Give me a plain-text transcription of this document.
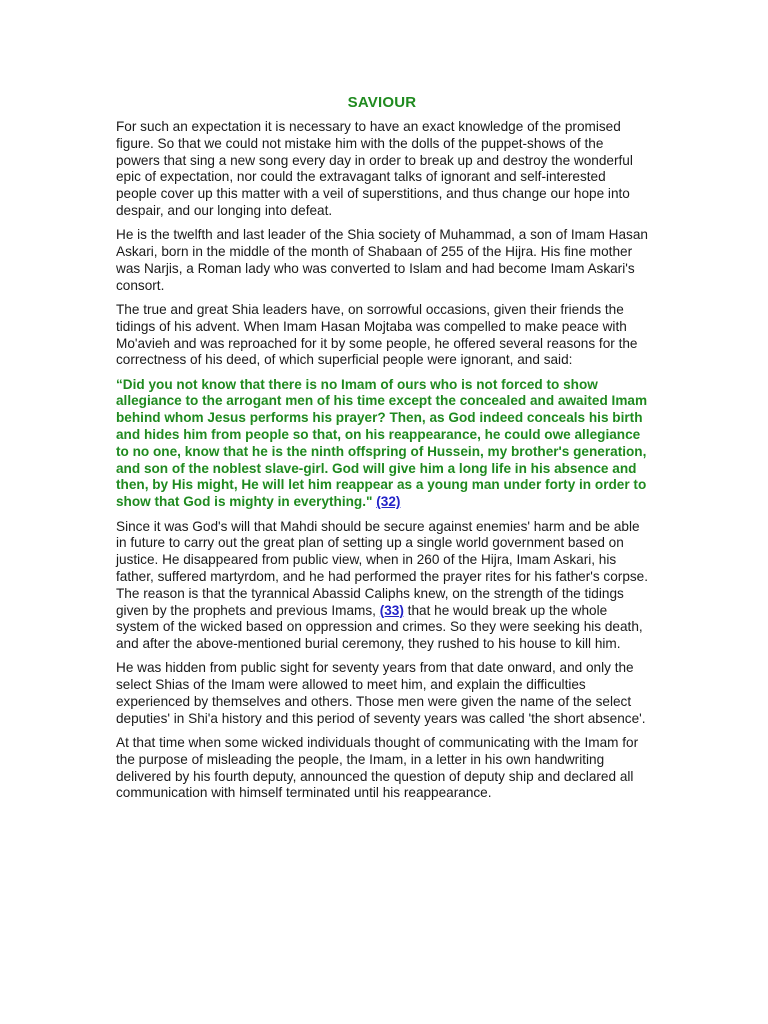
SAVIOUR

For such an expectation it is necessary to have an exact knowledge of the promised figure. So that we could not mistake him with the dolls of the puppet-shows of the powers that sing a new song every day in order to break up and destroy the wonderful epic of expectation, nor could the extravagant talks of ignorant and self-interested people cover up this matter with a veil of superstitions, and thus change our hope into despair, and our longing into defeat.

He is the twelfth and last leader of the Shia society of Muhammad, a son of Imam Hasan Askari, born in the middle of the month of Shabaan of 255 of the Hijra. His fine mother was Narjis, a Roman lady who was converted to Islam and had become Imam Askari's consort.

The true and great Shia leaders have, on sorrowful occasions, given their friends the tidings of his advent. When Imam Hasan Mojtaba was compelled to make peace with Mo'avieh and was reproached for it by some people, he offered several reasons for the correctness of his deed, of which superficial people were ignorant, and said:

“Did you not know that there is no Imam of ours who is not forced to show allegiance to the arrogant men of his time except the concealed and awaited Imam behind whom Jesus performs his prayer? Then, as God indeed conceals his birth and hides him from people so that, on his reappearance, he could owe allegiance to no one, know that he is the ninth offspring of Hussein, my brother's generation, and son of the noblest slave-girl. God will give him a long life in his absence and then, by His might, He will let him reappear as a young man under forty in order to show that God is mighty in everything." (32)

Since it was God's will that Mahdi should be secure against enemies' harm and be able in future to carry out the great plan of setting up a single world government based on justice. He disappeared from public view, when in 260 of the Hijra, Imam Askari, his father, suffered martyrdom, and he had performed the prayer rites for his father's corpse. The reason is that the tyrannical Abassid Caliphs knew, on the strength of the tidings given by the prophets and previous Imams, (33) that he would break up the whole system of the wicked based on oppression and crimes. So they were seeking his death, and after the above-mentioned burial ceremony, they rushed to his house to kill him.

He was hidden from public sight for seventy years from that date onward, and only the select Shias of the Imam were allowed to meet him, and explain the difficulties experienced by themselves and others. Those men were given the name of the select deputies' in Shi'a history and this period of seventy years was called 'the short absence'.

At that time when some wicked individuals thought of communicating with the Imam for the purpose of misleading the people, the Imam, in a letter in his own handwriting delivered by his fourth deputy, announced the question of deputy ship and declared all communication with himself terminated until his reappearance.
